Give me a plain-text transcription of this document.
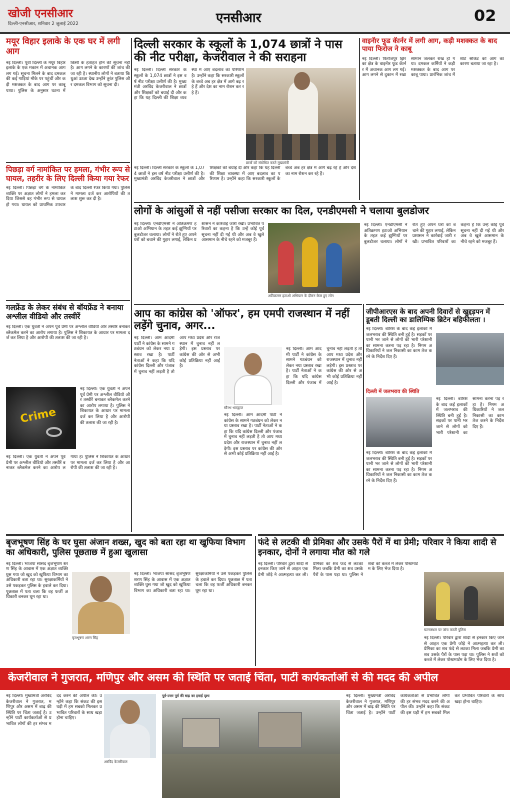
खोजी एनसीआर
दिल्ली-एनसीआर, शनिवार 2 जुलाई 2022	एनसीआर	02
मयूर विहार इलाके के एक घर में लगी आग
नई दिल्ली। पूर्वी दिल्ली के मयूर विहार इलाके के एक मकान में अचानक आग लग गई। सूचना मिलने के बाद दमकल की कई गाड़ियां मौके पर पहुंचीं और कड़ी मशक्कत के बाद आग पर काबू पाया। पुलिस के अनुसार घटना में किसी के हताहत होने की सूचना नहीं है। आग लगने के कारणों की जांच की जा रही है। स्थानीय लोगों ने बताया कि धुआं उठता देख उन्होंने तुरंत पुलिस और दमकल विभाग को सूचना दी।
दिल्ली सरकार के स्कूलों के 1,074 छात्रों ने पास की नीट परीक्षा, केजरीवाल ने की सराहना
नई दिल्ली। दिल्ली सरकार के स्कूलों के 1,074 छात्रों ने इस वर्ष नीट परीक्षा उत्तीर्ण की है। मुख्यमंत्री अरविंद केजरीवाल ने छात्रों और शिक्षकों को बधाई दी और कहा कि यह दिल्ली की शिक्षा व्यवस्था में आए बदलाव का परिणाम है। उन्होंने कहा कि सरकारी स्कूलों के बच्चे अब हर क्षेत्र में आगे बढ़ रहे हैं और देश का नाम रोशन कर रहे हैं।
छात्रों को संबोधित करते मुख्यमंत्री
नई दिल्ली। दिल्ली सरकार के स्कूलों के 1,074 छात्रों ने इस वर्ष नीट परीक्षा उत्तीर्ण की है। मुख्यमंत्री अरविंद केजरीवाल ने छात्रों और शिक्षकों को बधाई दी और कहा कि यह दिल्ली की शिक्षा व्यवस्था में आए बदलाव का परिणाम है। उन्होंने कहा कि सरकारी स्कूलों के बच्चे अब हर क्षेत्र में आगे बढ़ रहे हैं और देश का नाम रोशन कर रहे हैं।
वाइनॅार फूड कॅार्नर में लगी आग, कड़ी मशक्कत के बाद पाया फिरोज ने काबू
नई दिल्ली। फिरोजपुर झिरका क्षेत्र के वाइनॅार फूड कॅार्नर में अचानक आग लग गई। आग लगने से दुकान में रखा सामान जलकर राख हो गया। दमकल कर्मियों ने कड़ी मशक्कत के बाद आग पर काबू पाया। प्रारंभिक जांच में शॉर्ट सर्किट को आग का कारण बताया जा रहा है।
पिछड़ा वर्ग नामांकित पर हमला, गंभीर रूप से घायल, तहरीर के लिए दिल्ली किया गया रेफर
नई दिल्ली। पिछड़ा वर्ग के नामांकित व्यक्ति पर अज्ञात लोगों ने हमला कर दिया जिससे वह गंभीर रूप से घायल हो गया। घायल को प्राथमिक उपचार के बाद दिल्ली रेफर किया गया। पुलिस ने मामला दर्ज कर आरोपियों की तलाश शुरू कर दी है।
लोगों के आंसुओं से नहीं पसीजा सरकार का दिल, एनडीएमसी ने चलाया बुलडोजर
नई दिल्ली। एनडीएमसी ने अतिक्रमण हटाओ अभियान के तहत कई झुग्गियों पर बुलडोजर चलाया। लोगों ने रोते हुए अपने घरों को बचाने की गुहार लगाई, लेकिन प्रशासन ने कार्रवाई जारी रखी। प्रभावित परिवारों का कहना है कि उन्हें कोई पूर्व सूचना नहीं दी गई थी और अब वे खुले आसमान के नीचे रहने को मजबूर हैं।
अतिक्रमण हटाओ अभियान के दौरान बेघर हुए लोग
नई दिल्ली। एनडीएमसी ने अतिक्रमण हटाओ अभियान के तहत कई झुग्गियों पर बुलडोजर चलाया। लोगों ने रोते हुए अपने घरों को बचाने की गुहार लगाई, लेकिन प्रशासन ने कार्रवाई जारी रखी। प्रभावित परिवारों का कहना है कि उन्हें कोई पूर्व सूचना नहीं दी गई थी और अब वे खुले आसमान के नीचे रहने को मजबूर हैं।
गलफ्रेंड के लेकर संबंध से बॉयफ्रेंड ने बनाया अश्लील वीडियो और तस्वीरें
नई दिल्ली। एक युवती ने अपने पूर्व प्रेमी पर अश्लील वीडियो और तस्वीरें बनाकर ब्लैकमेल करने का आरोप लगाया है। पुलिस ने शिकायत के आधार पर मामला दर्ज कर लिया है और आरोपी की तलाश की जा रही है।
Crime
नई दिल्ली। एक युवती ने अपने पूर्व प्रेमी पर अश्लील वीडियो और तस्वीरें बनाकर ब्लैकमेल करने का आरोप लगाया है। पुलिस ने शिकायत के आधार पर मामला दर्ज कर लिया है और आरोपी की तलाश की जा रही है।
नई दिल्ली। एक युवती ने अपने पूर्व प्रेमी पर अश्लील वीडियो और तस्वीरें बनाकर ब्लैकमेल करने का आरोप लगाया है। पुलिस ने शिकायत के आधार पर मामला दर्ज कर लिया है और आरोपी की तलाश की जा रही है।
आप का कांग्रेस को 'ऑफर', हम एमपी राजस्थान में नहीं लड़ेंगे चुनाव, अगर...
नई दिल्ली। आम आदमी पार्टी ने कांग्रेस के सामने गठबंधन को लेकर नया प्रस्ताव रखा है। पार्टी नेताओं ने कहा कि यदि कांग्रेस दिल्ली और पंजाब में चुनाव नहीं लड़ती है तो आप मध्य प्रदेश और राजस्थान में चुनाव नहीं लड़ेगी। इस प्रस्ताव पर कांग्रेस की ओर से अभी कोई प्रतिक्रिया नहीं आई है।
सौरभ भारद्वाज
नई दिल्ली। आम आदमी पार्टी ने कांग्रेस के सामने गठबंधन को लेकर नया प्रस्ताव रखा है। पार्टी नेताओं ने कहा कि यदि कांग्रेस दिल्ली और पंजाब में चुनाव नहीं लड़ती है तो आप मध्य प्रदेश और राजस्थान में चुनाव नहीं लड़ेगी। इस प्रस्ताव पर कांग्रेस की ओर से अभी कोई प्रतिक्रिया नहीं आई है।
नई दिल्ली। आम आदमी पार्टी ने कांग्रेस के सामने गठबंधन को लेकर नया प्रस्ताव रखा है। पार्टी नेताओं ने कहा कि यदि कांग्रेस दिल्ली और पंजाब में चुनाव नहीं लड़ती है तो आप मध्य प्रदेश और राजस्थान में चुनाव नहीं लड़ेगी। इस प्रस्ताव पर कांग्रेस की ओर से अभी कोई प्रतिक्रिया नहीं आई है।
जीपीआरएस के बाद अपनी दिवारों से खुद्दड़पन में डूबती दिल्ली का डालिम्पिक ब्रिटेन बहिफीलता ।
नई दिल्ली। बारिश के बाद कई इलाकों में जलभराव की स्थिति बनी हुई है। सड़कों पर पानी भर जाने से लोगों को भारी परेशानी का सामना करना पड़ रहा है। निगम अधिकारियों ने जल निकासी का काम तेज करने के निर्देश दिए हैं।
दिल्ली में जलभराव की स्थिति
नई दिल्ली। बारिश के बाद कई इलाकों में जलभराव की स्थिति बनी हुई है। सड़कों पर पानी भर जाने से लोगों को भारी परेशानी का सामना करना पड़ रहा है। निगम अधिकारियों ने जल निकासी का काम तेज करने के निर्देश दिए हैं।
नई दिल्ली। बारिश के बाद कई इलाकों में जलभराव की स्थिति बनी हुई है। सड़कों पर पानी भर जाने से लोगों को भारी परेशानी का सामना करना पड़ रहा है। निगम अधिकारियों ने जल निकासी का काम तेज करने के निर्देश दिए हैं।
बृजभूषण सिंह के घर घुसा अंजान शख्स, खुद को बता रहा था खुफिया विभाग का अधिकारी, पुलिस पूछताछ में हुआ खुलासा
नई दिल्ली। भाजपा सांसद बृजभूषण शरण सिंह के आवास में एक अज्ञात व्यक्ति घुस गया जो खुद को खुफिया विभाग का अधिकारी बता रहा था। सुरक्षाकर्मियों ने उसे पकड़कर पुलिस के हवाले कर दिया। पूछताछ में पता चला कि वह फर्जी अधिकारी बनकर घूम रहा था।
बृजभूषण शरण सिंह
नई दिल्ली। भाजपा सांसद बृजभूषण शरण सिंह के आवास में एक अज्ञात व्यक्ति घुस गया जो खुद को खुफिया विभाग का अधिकारी बता रहा था। सुरक्षाकर्मियों ने उसे पकड़कर पुलिस के हवाले कर दिया। पूछताछ में पता चला कि वह फर्जी अधिकारी बनकर घूम रहा था।
फंदे से लटकी थी प्रेमिका और उसके पैरों में था प्रेमी; परिवार ने किया शादी से इनकार, दोनों ने लगाया मौत को गले
नई दिल्ली। परिवार द्वारा शादी से इनकार किए जाने से आहत एक प्रेमी जोड़े ने आत्महत्या कर ली। प्रेमिका का शव फंदे से लटका मिला जबकि प्रेमी का शव उसके पैरों के पास पड़ा था। पुलिस ने शवों को कब्जे में लेकर पोस्टमार्टम के लिए भेज दिया है।
घटनास्थल पर जांच करती पुलिस
नई दिल्ली। परिवार द्वारा शादी से इनकार किए जाने से आहत एक प्रेमी जोड़े ने आत्महत्या कर ली। प्रेमिका का शव फंदे से लटका मिला जबकि प्रेमी का शव उसके पैरों के पास पड़ा था। पुलिस ने शवों को कब्जे में लेकर पोस्टमार्टम के लिए भेज दिया है।
केजरीवाल ने गुजरात, मणिपुर और असम की स्थिति पर जताई चिंता, पार्टी कार्यकर्ताओं से की मदद की अपील
नई दिल्ली। मुख्यमंत्री अरविंद केजरीवाल ने गुजरात, मणिपुर और असम में बाढ़ की स्थिति पर चिंता जताई है। उन्होंने पार्टी कार्यकर्ताओं से प्रभावित लोगों की हर संभव मदद करने की अपील की। उन्होंने कहा कि संकट की इस घड़ी में हम सबको मिलकर प्रभावित परिवारों के साथ खड़ा होना चाहिए।
अरविंद केजरीवाल
पूर्व-उत्तर पूर्व की बाढ़ का हवाई दृश्य	नई दिल्ली। मुख्यमंत्री अरविंद केजरीवाल ने गुजरात, मणिपुर और असम में बाढ़ की स्थिति पर चिंता जताई है। उन्होंने पार्टी कार्यकर्ताओं से प्रभावित लोगों की हर संभव मदद करने की अपील की। उन्होंने कहा कि संकट की इस घड़ी में हम सबको मिलकर प्रभावित परिवारों के साथ खड़ा होना चाहिए।
